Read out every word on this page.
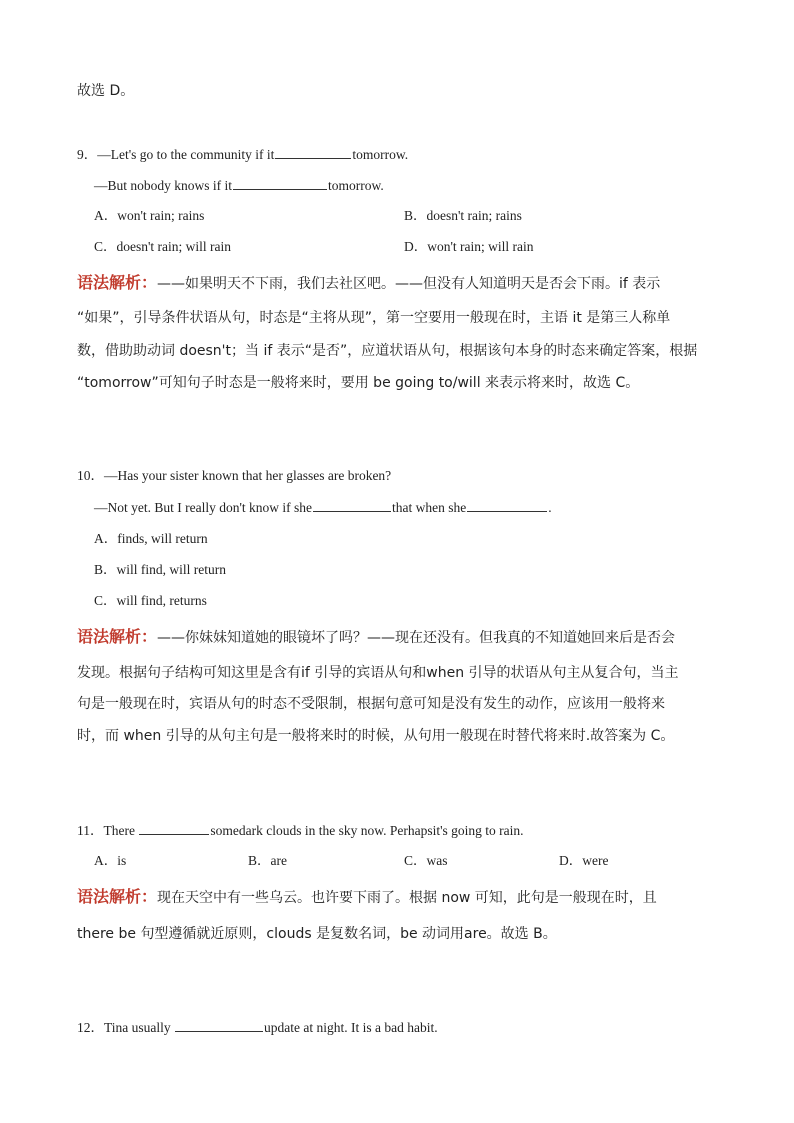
故选 D。
9．—Let's go to the community if it	tomorrow.
—But nobody knows if it	tomorrow.
A．won't rain; rains	B．doesn't rain; rains
C．doesn't rain; will rain	D．won't rain; will rain
语法解析：——如果明天不下雨，我们去社区吧。——但没有人知道明天是否会下雨。if 表示
“如果”，引导条件状语从句，时态是“主将从现”，第一空要用一般现在时，主语 it 是第三人称单
数，借助助动词 doesn't；当 if 表示“是否”，应道状语从句，根据该句本身的时态来确定答案，根据
“tomorrow”可知句子时态是一般将来时，要用 be going to/will 来表示将来时，故选 C。
10．—Has your sister known that her glasses are broken?
—Not yet. But I really don't know if she	that when she	.
A．finds, will return
B．will find, will return
C．will find, returns
语法解析：——你妹妹知道她的眼镜坏了吗？——现在还没有。但我真的不知道她回来后是否会
发现。根据句子结构可知这里是含有if 引导的宾语从句和when 引导的状语从句主从复合句，当主
句是一般现在时，宾语从句的时态不受限制，根据句意可知是没有发生的动作，应该用一般将来
时，而 when 引导的从句主句是一般将来时的时候，从句用一般现在时替代将来时.故答案为 C。
11．There	somedark clouds in the sky now. Perhapsit's going to rain.
A．is	B．are	C．was	D．were
语法解析：现在天空中有一些乌云。也许要下雨了。根据 now 可知，此句是一般现在时，且
there be 句型遵循就近原则，clouds 是复数名词，be 动词用are。故选 B。
12．Tina usually	update at night. It is a bad habit.
